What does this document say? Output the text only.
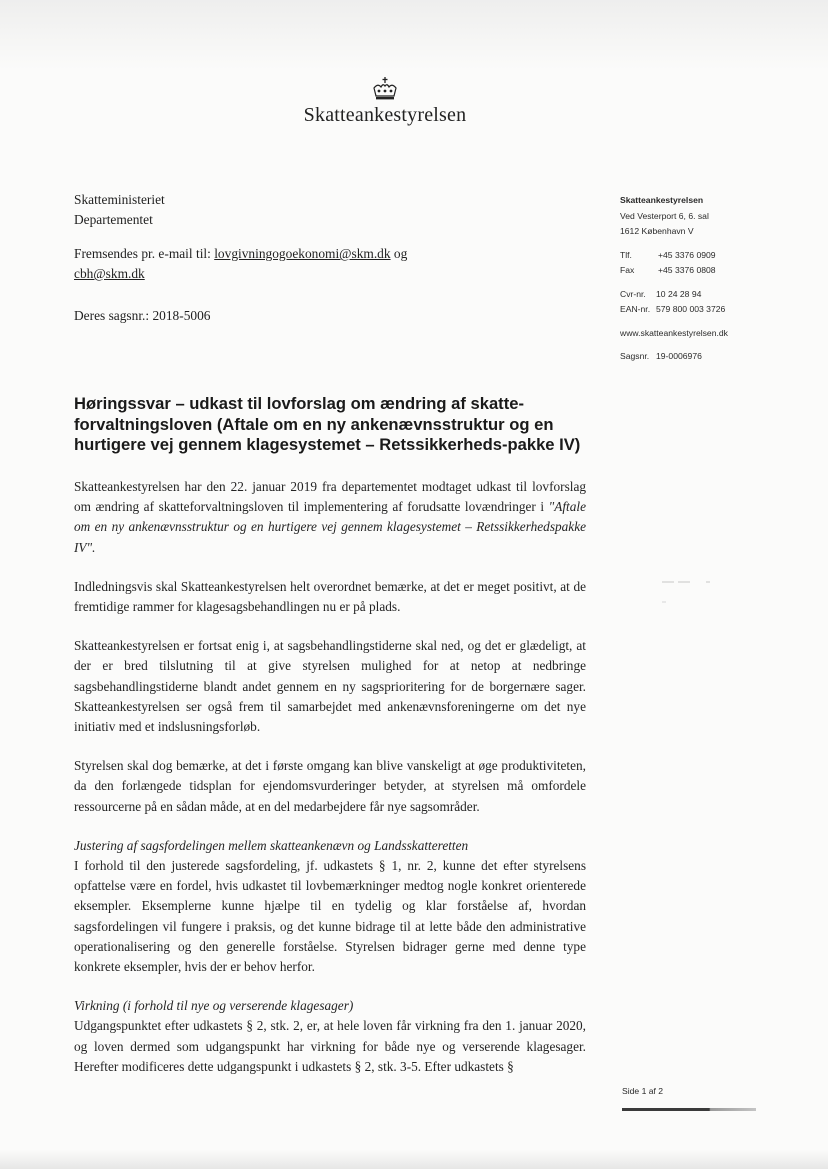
Skatteankestyrelsen
Skatteministeriet
Departementet
Fremsendes pr. e-mail til: lovgivningogoekonomi@skm.dk og
cbh@skm.dk
Deres sagsnr.: 2018-5006
Skatteankestyrelsen
Ved Vesterport 6, 6. sal
1612 København V
Tlf.	+45 3376 0909
Fax	+45 3376 0808
Cvr-nr.	10 24 28 94
EAN-nr. 579 800 003 3726
www.skatteankestyrelsen.dk
Sagsnr. 19-0006976
Høringssvar – udkast til lovforslag om ændring af skatte-forvaltningsloven (Aftale om en ny ankenævnsstruktur og en hurtigere vej gennem klagesystemet – Retssikkerheds-pakke IV)

Skatteankestyrelsen har den 22. januar 2019 fra departementet modtaget udkast til lovforslag om ændring af skatteforvaltningsloven til implementering af forudsatte lovændringer i "Aftale om en ny ankenævnsstruktur og en hurtigere vej gennem klagesystemet – Retssikkerhedspakke IV".

Indledningsvis skal Skatteankestyrelsen helt overordnet bemærke, at det er meget positivt, at de fremtidige rammer for klagesagsbehandlingen nu er på plads.

Skatteankestyrelsen er fortsat enig i, at sagsbehandlingstiderne skal ned, og det er glædeligt, at der er bred tilslutning til at give styrelsen mulighed for at netop at nedbringe sagsbehandlingstiderne blandt andet gennem en ny sagsprioritering for de borgernære sager. Skatteankestyrelsen ser også frem til samarbejdet med ankenævnsforeningerne om det nye initiativ med et indslusningsforløb.

Styrelsen skal dog bemærke, at det i første omgang kan blive vanskeligt at øge produktiviteten, da den forlængede tidsplan for ejendomsvurderinger betyder, at styrelsen må omfordele ressourcerne på en sådan måde, at en del medarbejdere får nye sagsområder.

Justering af sagsfordelingen mellem skatteankenævn og Landsskatteretten

I forhold til den justerede sagsfordeling, jf. udkastets § 1, nr. 2, kunne det efter styrelsens opfattelse være en fordel, hvis udkastet til lovbemærkninger medtog nogle konkret orienterede eksempler. Eksemplerne kunne hjælpe til en tydelig og klar forståelse af, hvordan sagsfordelingen vil fungere i praksis, og det kunne bidrage til at lette både den administrative operationalisering og den generelle forståelse. Styrelsen bidrager gerne med denne type konkrete eksempler, hvis der er behov herfor.

Virkning (i forhold til nye og verserende klagesager)

Udgangspunktet efter udkastets § 2, stk. 2, er, at hele loven får virkning fra den 1. januar 2020, og loven dermed som udgangspunkt har virkning for både nye og verserende klagesager. Herefter modificeres dette udgangspunkt i udkastets § 2, stk. 3-5. Efter udkastets §

Side 1 af 2
